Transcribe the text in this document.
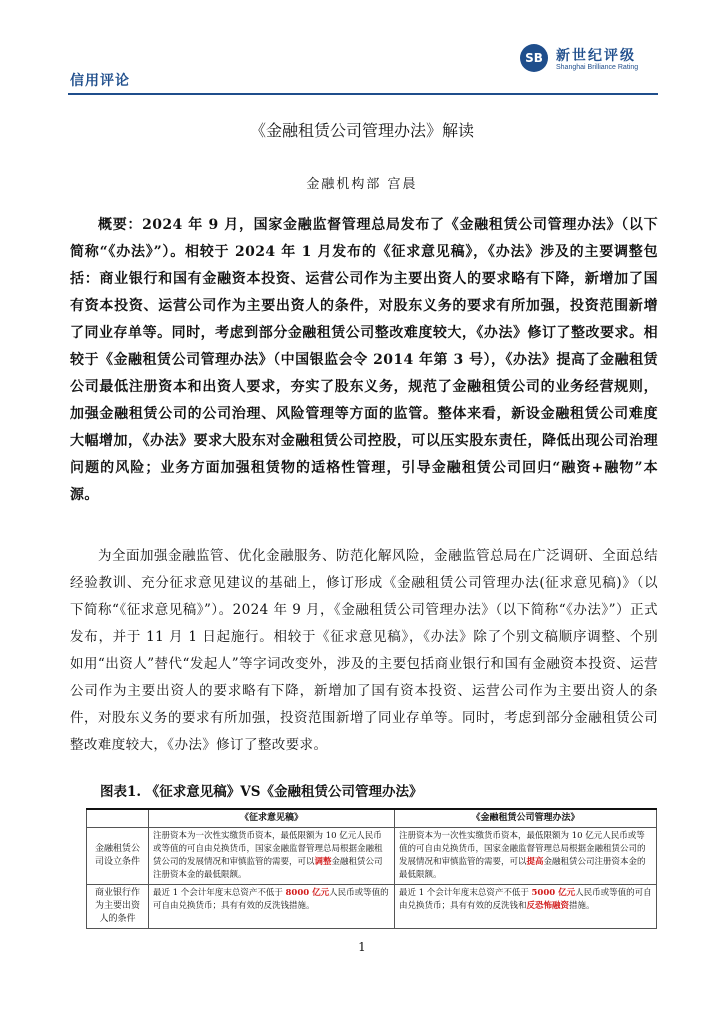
信用评论
SB 新世纪评级
Shanghai Brilliance Rating
《金融租赁公司管理办法》解读
金融机构部 宫晨

概要：2024 年 9 月，国家金融监督管理总局发布了《金融租赁公司管理办法》（以下简称“《办法》”）。相较于 2024 年 1 月发布的《征求意见稿》，《办法》涉及的主要调整包括：商业银行和国有金融资本投资、运营公司作为主要出资人的要求略有下降，新增加了国有资本投资、运营公司作为主要出资人的条件，对股东义务的要求有所加强，投资范围新增了同业存单等。同时，考虑到部分金融租赁公司整改难度较大，《办法》修订了整改要求。相较于《金融租赁公司管理办法》（中国银监会令 2014 年第 3 号），《办法》提高了金融租赁公司最低注册资本和出资人要求，夯实了股东义务，规范了金融租赁公司的业务经营规则，加强金融租赁公司的公司治理、风险管理等方面的监管。整体来看，新设金融租赁公司难度大幅增加，《办法》要求大股东对金融租赁公司控股，可以压实股东责任，降低出现公司治理问题的风险；业务方面加强租赁物的适格性管理，引导金融租赁公司回归“融资+融物”本源。

为全面加强金融监管、优化金融服务、防范化解风险，金融监管总局在广泛调研、全面总结经验教训、充分征求意见建议的基础上，修订形成《金融租赁公司管理办法(征求意见稿)》（以下简称“《征求意见稿》”）。2024 年 9 月，《金融租赁公司管理办法》（以下简称“《办法》”）正式发布，并于 11 月 1 日起施行。相较于《征求意见稿》，《办法》除了个别文稿顺序调整、个别如用“出资人”替代“发起人”等字词改变外，涉及的主要包括商业银行和国有金融资本投资、运营公司作为主要出资人的要求略有下降，新增加了国有资本投资、运营公司作为主要出资人的条件，对股东义务的要求有所加强，投资范围新增了同业存单等。同时，考虑到部分金融租赁公司整改难度较大，《办法》修订了整改要求。

图表1. 《征求意见稿》VS《金融租赁公司管理办法》
	《征求意见稿》	《金融租赁公司管理办法》
金融租赁公司设立条件	注册资本为一次性实缴货币资本，最低限额为 10 亿元人民币或等值的可自由兑换货币，国家金融监督管理总局根据金融租赁公司的发展情况和审慎监管的需要，可以调整金融租赁公司注册资本金的最低限额。	注册资本为一次性实缴货币资本，最低限额为 10 亿元人民币或等值的可自由兑换货币，国家金融监督管理总局根据金融租赁公司的发展情况和审慎监管的需要，可以提高金融租赁公司注册资本金的最低限额。
商业银行作为主要出资人的条件	最近 1 个会计年度末总资产不低于 8000 亿元人民币或等值的可自由兑换货币；具有有效的反洗钱措施。	最近 1 个会计年度末总资产不低于 5000 亿元人民币或等值的可自由兑换货币；具有有效的反洗钱和反恐怖融资措施。
1
